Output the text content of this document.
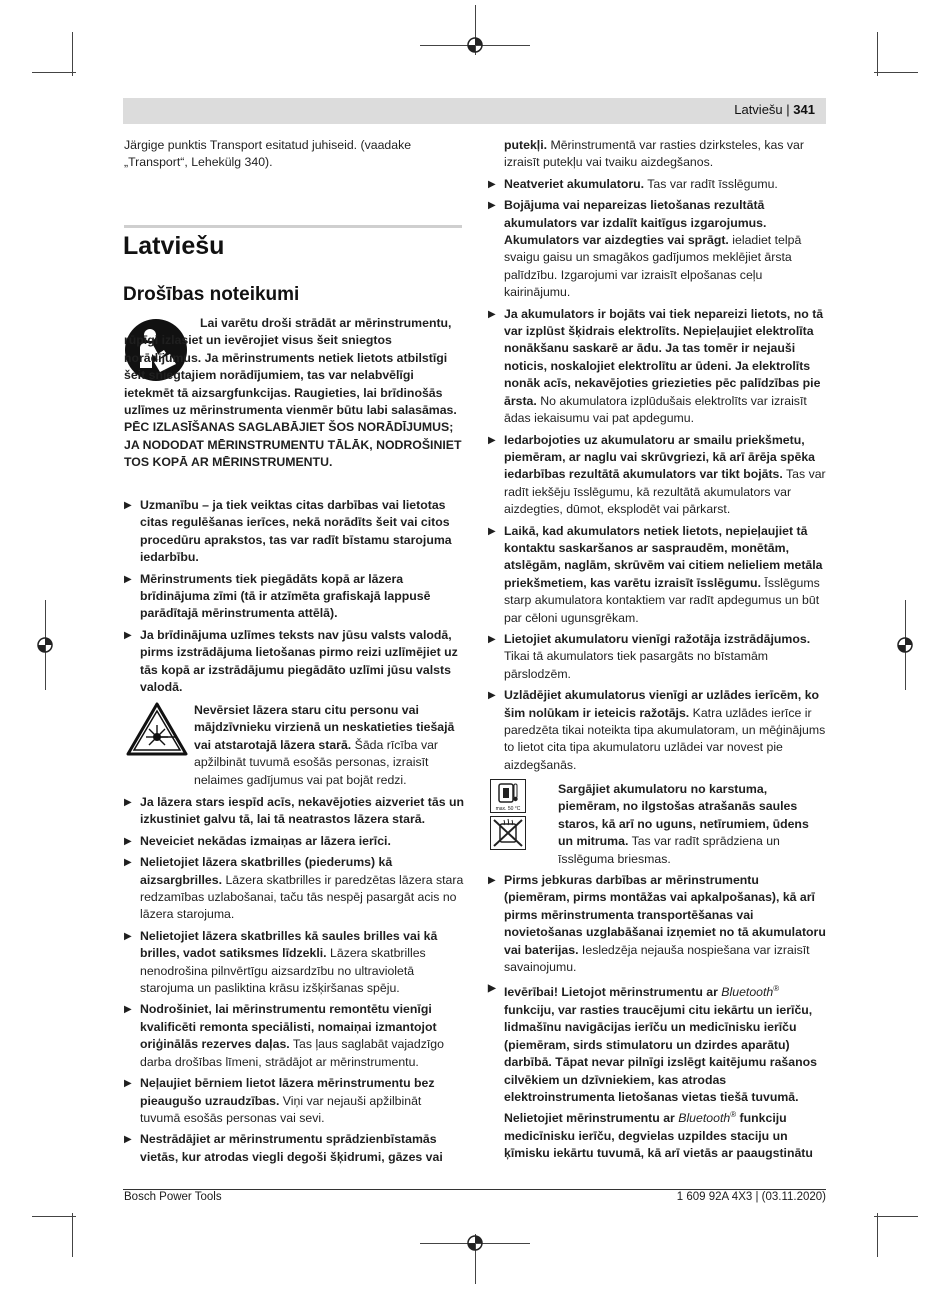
Latviešu | 341

Järgige punktis Transport esitatud juhiseid. (vaadake „Transport“, Lehekülg 340).

Latviešu
Drošības noteikumi

Lai varētu droši strādāt ar mērinstrumentu, rūpīgi izlasiet un ievērojiet visus šeit sniegtos norādījumus. Ja mērinstruments netiek lietots atbilstīgi šeit sniegtajiem norādījumiem, tas var nelabvēlīgi ietekmēt tā aizsargfunkcijas. Raugieties, lai brīdinošās uzlīmes uz mērinstrumenta vienmēr būtu labi salasāmas. PĒC IZLASĪŠANAS SAGLABĀJIET ŠOS NORĀDĪJUMUS; JA NODODAT MĒRINSTRUMENTU TĀLĀK, NODROŠINIET TOS KOPĀ AR MĒRINSTRUMENTU.

▶ Uzmanību – ja tiek veiktas citas darbības vai lietotas citas regulēšanas ierīces, nekā norādīts šeit vai citos procedūru aprakstos, tas var radīt bīstamu starojuma iedarbību.
▶ Mērinstruments tiek piegādāts kopā ar lāzera brīdinājuma zīmi (tā ir atzīmēta grafiskajā lappusē parādītajā mērinstrumenta attēlā).
▶ Ja brīdinājuma uzlīmes teksts nav jūsu valsts valodā, pirms izstrādājuma lietošanas pirmo reizi uzlīmējiet uz tās kopā ar izstrādājumu piegādāto uzlīmi jūsu valsts valodā.
Nevērsiet lāzera staru citu personu vai mājdzīvnieku virzienā un neskatieties tiešajā vai atstarotajā lāzera starā. Šāda rīcība var apžilbināt tuvumā esošās personas, izraisīt nelaimes gadījumus vai pat bojāt redzi.
▶ Ja lāzera stars iespīd acīs, nekavējoties aizveriet tās un izkustiniet galvu tā, lai tā neatrastos lāzera starā.
▶ Neveiciet nekādas izmaiņas ar lāzera ierīci.
▶ Nelietojiet lāzera skatbrilles (piederums) kā aizsargbrilles. Lāzera skatbrilles ir paredzētas lāzera stara redzamības uzlabošanai, taču tās nespēj pasargāt acis no lāzera starojuma.
▶ Nelietojiet lāzera skatbrilles kā saules brilles vai kā brilles, vadot satiksmes līdzekli. Lāzera skatbrilles nenodrošina pilnvērtīgu aizsardzību no ultravioletā starojuma un pasliktina krāsu izšķiršanas spēju.
▶ Nodrošiniet, lai mērinstrumentu remontētu vienīgi kvalificēti remonta speciālisti, nomaiņai izmantojot oriģinālās rezerves daļas. Tas ļaus saglabāt vajadzīgo darba drošības līmeni, strādājot ar mērinstrumentu.
▶ Neļaujiet bērniem lietot lāzera mērinstrumentu bez pieaugušo uzraudzības. Viņi var nejauši apžilbināt tuvumā esošās personas vai sevi.
▶ Nestrādājiet ar mērinstrumentu sprādzienbīstamās vietās, kur atrodas viegli degoši šķidrumi, gāzes vai

putekļi. Mērinstrumentā var rasties dzirksteles, kas var izraisīt putekļu vai tvaiku aizdegšanos.

▶ Neatveriet akumulatoru. Tas var radīt īsslēgumu.
▶ Bojājuma vai nepareizas lietošanas rezultātā akumulators var izdalīt kaitīgus izgarojumus. Akumulators var aizdegties vai sprāgt. ieladiet telpā svaigu gaisu un smagākos gadījumos meklējiet ārsta palīdzību. Izgarojumi var izraisīt elpošanas ceļu kairinājumu.
▶ Ja akumulators ir bojāts vai tiek nepareizi lietots, no tā var izplūst šķidrais elektrolīts. Nepieļaujiet elektrolīta nonākšanu saskarē ar ādu. Ja tas tomēr ir nejauši noticis, noskalojiet elektrolītu ar ūdeni. Ja elektrolīts nonāk acīs, nekavējoties griezieties pēc palīdzības pie ārsta. No akumulatora izplūdušais elektrolīts var izraisīt ādas iekaisumu vai pat apdegumu.
▶ Iedarbojoties uz akumulatoru ar smailu priekšmetu, piemēram, ar naglu vai skrūvgriezi, kā arī ārēja spēka iedarbības rezultātā akumulators var tikt bojāts. Tas var radīt iekšēju īsslēgumu, kā rezultātā akumulators var aizdegties, dūmot, eksplodēt vai pārkarst.
▶ Laikā, kad akumulators netiek lietots, nepieļaujiet tā kontaktu saskaršanos ar saspraudēm, monētām, atslēgām, naglām, skrūvēm vai citiem nelieliem metāla priekšmetiem, kas varētu izraisīt īsslēgumu. Īsslēgums starp akumulatora kontaktiem var radīt apdegumus un būt par cēloni ugunsgrēkam.
▶ Lietojiet akumulatoru vienīgi ražotāja izstrādājumos. Tikai tā akumulators tiek pasargāts no bīstamām pārslodzēm.
▶ Uzlādējiet akumulatorus vienīgi ar uzlādes ierīcēm, ko šim nolūkam ir ieteicis ražotājs. Katra uzlādes ierīce ir paredzēta tikai noteikta tipa akumulatoram, un mēģinājums to lietot cita tipa akumulatoru uzlādei var novest pie aizdegšanās.
max. 50 °C
Sargājiet akumulatoru no karstuma, piemēram, no ilgstošas atrašanās saules staros, kā arī no uguns, netīrumiem, ūdens un mitruma. Tas var radīt sprādziena un īsslēguma briesmas.
▶ Pirms jebkuras darbības ar mērinstrumentu (piemēram, pirms montāžas vai apkalpošanas), kā arī pirms mērinstrumenta transportēšanas vai novietošanas uzglabāšanai izņemiet no tā akumulatoru vai baterijas. Iesledzēja nejauša nospiešana var izraisīt savainojumu.
▶ Ievērībai! Lietojot mērinstrumentu ar Bluetooth® funkciju, var rasties traucējumi citu iekārtu un ierīču, lidmašīnu navigācijas ierīču un medicīnisku ierīču (piemēram, sirds stimulatoru un dzirdes aparātu) darbībā. Tāpat nevar pilnīgi izslēgt kaitējumu rašanos cilvēkiem un dzīvniekiem, kas atrodas elektroinstrumenta lietošanas vietas tiešā tuvumā. Nelietojiet mērinstrumentu ar Bluetooth® funkciju medicīnisku ierīču, degvielas uzpildes staciju un ķīmisku iekārtu tuvumā, kā arī vietās ar paaugstinātu
Bosch Power Tools	1 609 92A 4X3 | (03.11.2020)
